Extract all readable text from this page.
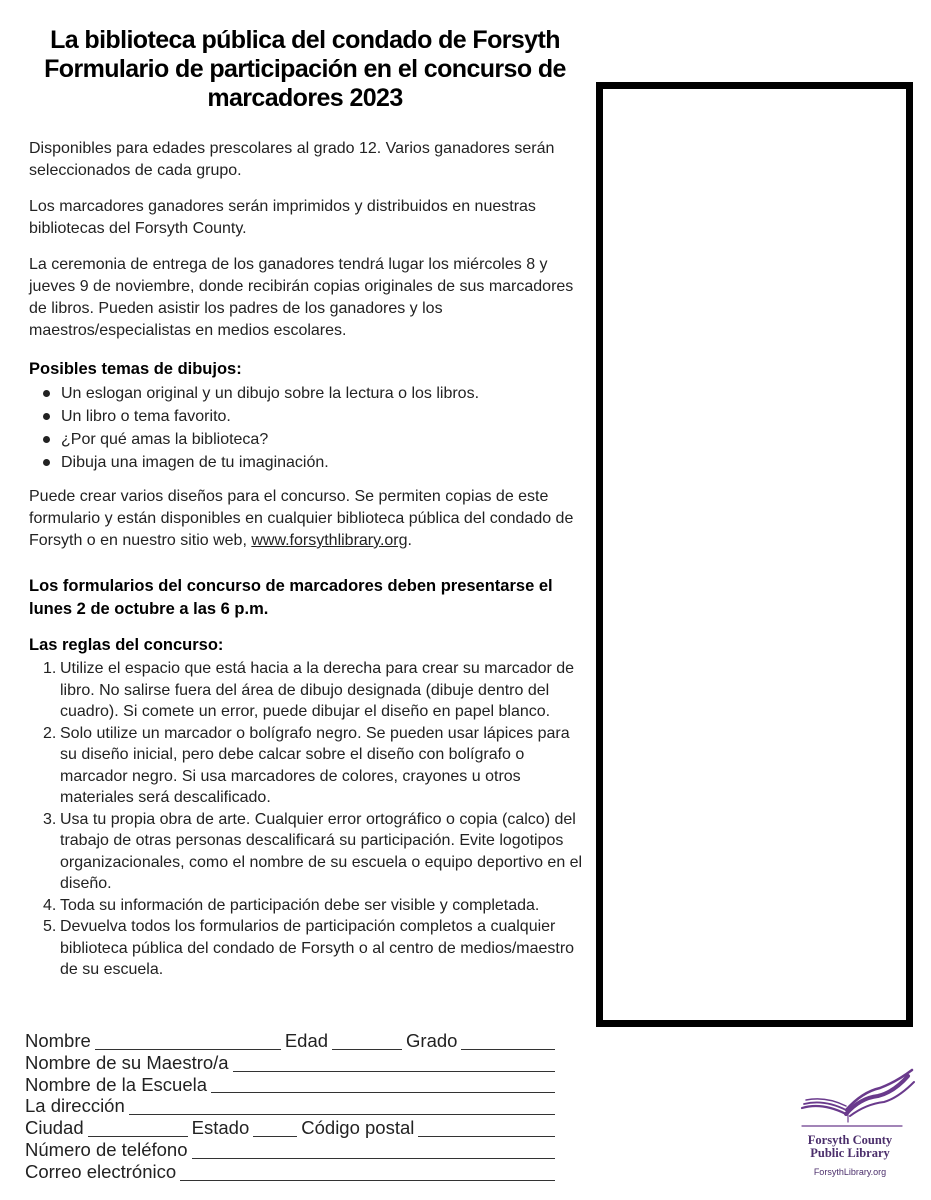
La biblioteca pública del condado de Forsyth
Formulario de participación en el concurso de
marcadores 2023

Disponibles para edades prescolares al grado 12. Varios ganadores serán seleccionados de cada grupo.

Los marcadores ganadores serán imprimidos y distribuidos en nuestras bibliotecas del Forsyth County.

La ceremonia de entrega de los ganadores tendrá lugar los miércoles 8 y jueves 9 de noviembre, donde recibirán copias originales de sus marcadores de libros. Pueden asistir los padres de los ganadores y los maestros/especialistas en medios escolares.

Posibles temas de dibujos:
Un eslogan original y un dibujo sobre la lectura o los libros.
Un libro o tema favorito.
¿Por qué amas la biblioteca?
Dibuja una imagen de tu imaginación.

Puede crear varios diseños para el concurso. Se permiten copias de este formulario y están disponibles en cualquier biblioteca pública del condado de Forsyth o en nuestro sitio web, www.forsythlibrary.org.

Los formularios del concurso de marcadores deben presentarse el lunes 2 de octubre a las 6 p.m.
Las reglas del concurso:
1. Utilize el espacio que está hacia a la derecha para crear su marcador de libro. No salirse fuera del área de dibujo designada (dibuje dentro del cuadro). Si comete un error, puede dibujar el diseño en papel blanco.
2. Solo utilize un marcador o bolígrafo negro. Se pueden usar lápices para su diseño inicial, pero debe calcar sobre el diseño con bolígrafo o marcador negro. Si usa marcadores de colores, crayones u otros materiales será descalificado.
3. Usa tu propia obra de arte. Cualquier error ortográfico o copia (calco) del trabajo de otras personas descalificará su participación. Evite logotipos organizacionales, como el nombre de su escuela o equipo deportivo en el diseño.
4. Toda su información de participación debe ser visible y completada.
5. Devuelva todos los formularios de participación completos a cualquier biblioteca pública del condado de Forsyth o al centro de medios/maestro de su escuela.
Nombre	Edad	Grado
Nombre de su Maestro/a
Nombre de la Escuela
La dirección
Ciudad	Estado	Código postal
Número de teléfono
Correo electrónico
Forsyth County
Public Library
ForsythLibrary.org
